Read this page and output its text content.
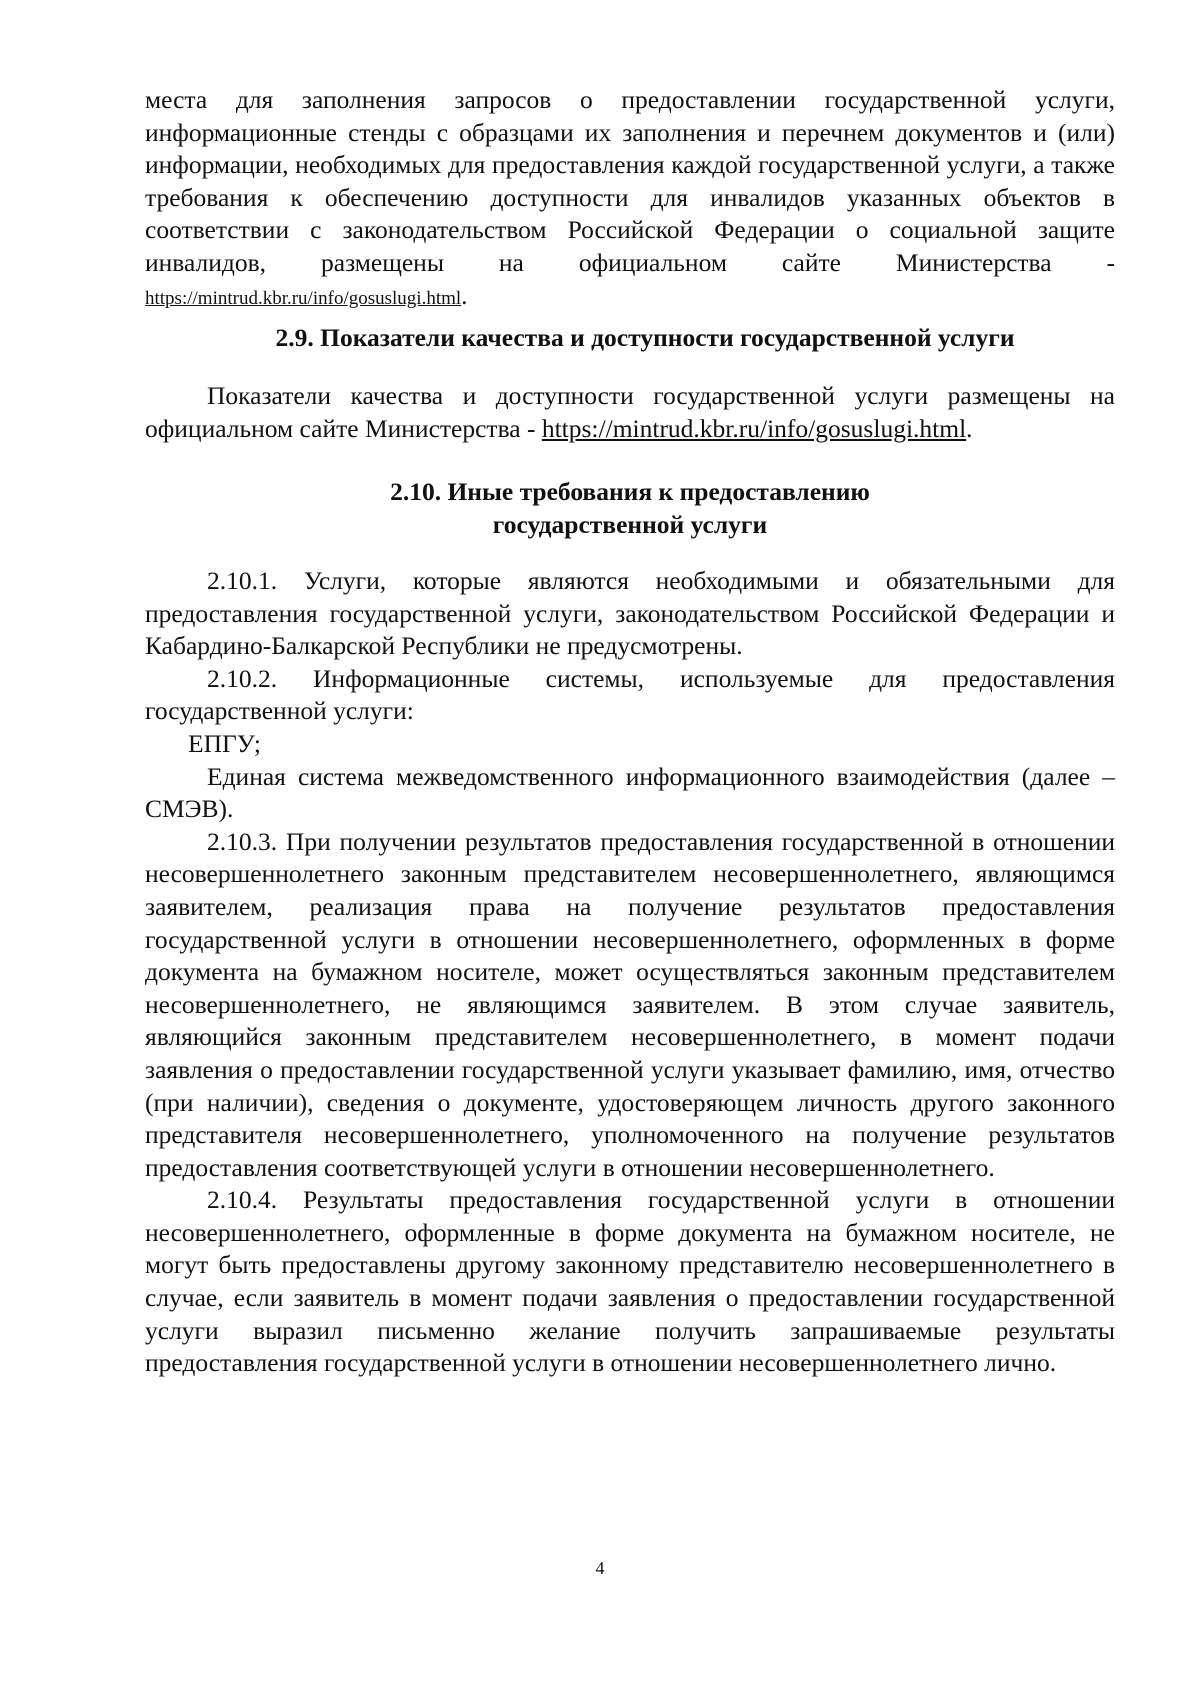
места для заполнения запросов о предоставлении государственной услуги, информационные стенды с образцами их заполнения и перечнем документов и (или) информации, необходимых для предоставления каждой государственной услуги, а также требования к обеспечению доступности для инвалидов указанных объектов в соответствии с законодательством Российской Федерации о социальной защите инвалидов, размещены на официальном сайте Министерства - https://mintrud.kbr.ru/info/gosuslugi.html.

2.9. Показатели качества и доступности государственной услуги

Показатели качества и доступности государственной услуги размещены на официальном сайте Министерства - https://mintrud.kbr.ru/info/gosuslugi.html.

2.10. Иные требования к предоставлению
государственной услуги

2.10.1. Услуги, которые являются необходимыми и обязательными для предоставления государственной услуги, законодательством Российской Федерации и Кабардино-Балкарской Республики не предусмотрены.

2.10.2. Информационные системы, используемые для предоставления государственной услуги:

ЕПГУ;

Единая система межведомственного информационного взаимодействия (далее – СМЭВ).

2.10.3. При получении результатов предоставления государственной в отношении несовершеннолетнего законным представителем несовершеннолетнего, являющимся заявителем, реализация права на получение результатов предоставления государственной услуги в отношении несовершеннолетнего, оформленных в форме документа на бумажном носителе, может осуществляться законным представителем несовершеннолетнего, не являющимся заявителем. В этом случае заявитель, являющийся законным представителем несовершеннолетнего, в момент подачи заявления о предоставлении государственной услуги указывает фамилию, имя, отчество (при наличии), сведения о документе, удостоверяющем личность другого законного представителя несовершеннолетнего, уполномоченного на получение результатов предоставления соответствующей услуги в отношении несовершеннолетнего.

2.10.4. Результаты предоставления государственной услуги в отношении несовершеннолетнего, оформленные в форме документа на бумажном носителе, не могут быть предоставлены другому законному представителю несовершеннолетнего в случае, если заявитель в момент подачи заявления о предоставлении государственной услуги выразил письменно желание получить запрашиваемые результаты предоставления государственной услуги в отношении несовершеннолетнего лично.

4
